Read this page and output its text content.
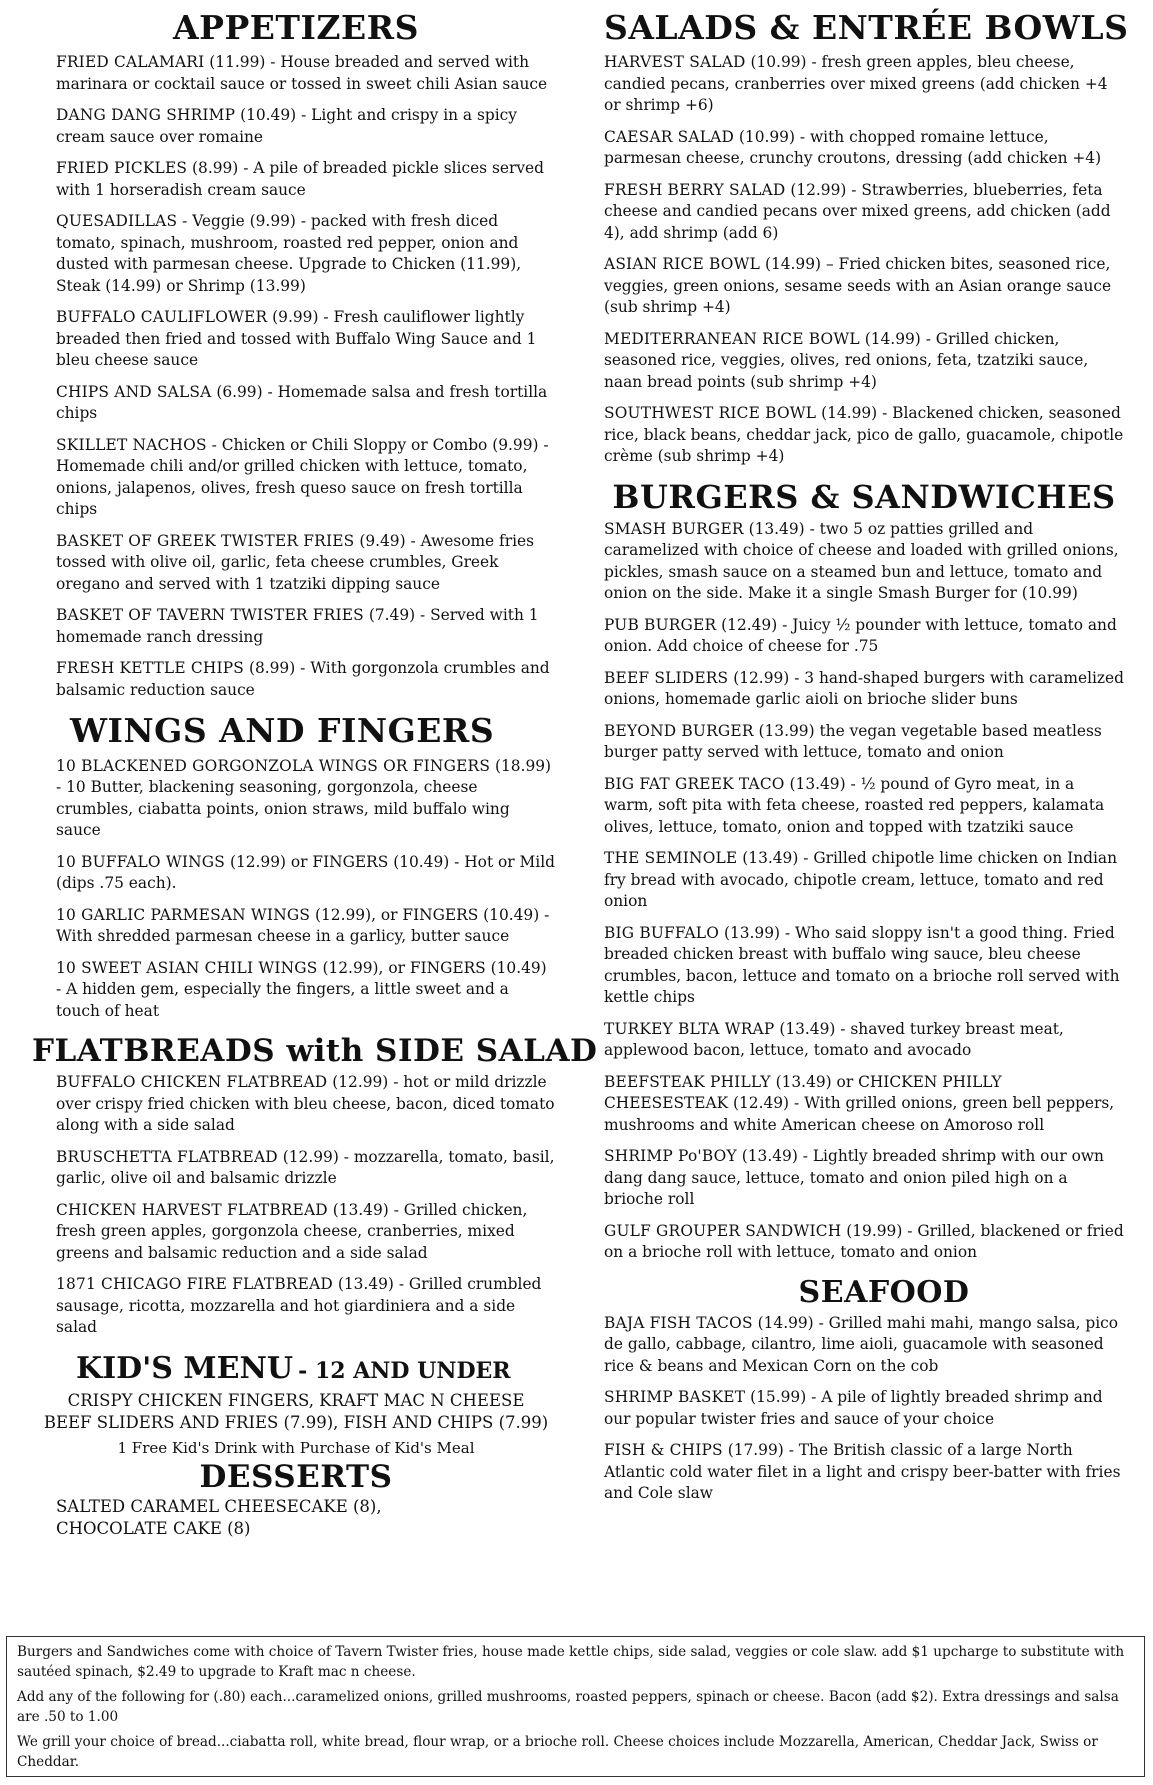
APPETIZERS

FRIED CALAMARI (11.99) - House breaded and served with marinara or cocktail sauce or tossed in sweet chili Asian sauce

DANG DANG SHRIMP (10.49) - Light and crispy in a spicy cream sauce over romaine

FRIED PICKLES (8.99) - A pile of breaded pickle slices served with 1 horseradish cream sauce

QUESADILLAS - Veggie (9.99) - packed with fresh diced tomato, spinach, mushroom, roasted red pepper, onion and dusted with parmesan cheese. Upgrade to Chicken (11.99), Steak (14.99) or Shrimp (13.99)

BUFFALO CAULIFLOWER (9.99) - Fresh cauliflower lightly breaded then fried and tossed with Buffalo Wing Sauce and 1 bleu cheese sauce

CHIPS AND SALSA (6.99) - Homemade salsa and fresh tortilla chips

SKILLET NACHOS - Chicken or Chili Sloppy or Combo (9.99) - Homemade chili and/or grilled chicken with lettuce, tomato, onions, jalapenos, olives, fresh queso sauce on fresh tortilla chips

BASKET OF GREEK TWISTER FRIES (9.49) - Awesome fries tossed with olive oil, garlic, feta cheese crumbles, Greek oregano and served with 1 tzatziki dipping sauce

BASKET OF TAVERN TWISTER FRIES (7.49) - Served with 1 homemade ranch dressing

FRESH KETTLE CHIPS (8.99) - With gorgonzola crumbles and balsamic reduction sauce

WINGS AND FINGERS

10 BLACKENED GORGONZOLA WINGS OR FINGERS (18.99) - 10 Butter, blackening seasoning, gorgonzola, cheese crumbles, ciabatta points, onion straws, mild buffalo wing sauce

10 BUFFALO WINGS (12.99) or FINGERS (10.49) - Hot or Mild (dips .75 each).

10 GARLIC PARMESAN WINGS (12.99), or FINGERS (10.49) - With shredded parmesan cheese in a garlicy, butter sauce

10 SWEET ASIAN CHILI WINGS (12.99), or FINGERS (10.49) - A hidden gem, especially the fingers, a little sweet and a touch of heat

FLATBREADS with SIDE SALAD

BUFFALO CHICKEN FLATBREAD (12.99) - hot or mild drizzle over crispy fried chicken with bleu cheese, bacon, diced tomato along with a side salad

BRUSCHETTA FLATBREAD (12.99) - mozzarella, tomato, basil, garlic, olive oil and balsamic drizzle

CHICKEN HARVEST FLATBREAD (13.49) - Grilled chicken, fresh green apples, gorgonzola cheese, cranberries, mixed greens and balsamic reduction and a side salad

1871 CHICAGO FIRE FLATBREAD (13.49) - Grilled crumbled sausage, ricotta, mozzarella and hot giardiniera and a side salad

KID'S MENU - 12 AND UNDER
CRISPY CHICKEN FINGERS, KRAFT MAC N CHEESE
BEEF SLIDERS AND FRIES (7.99), FISH AND CHIPS (7.99)
1 Free Kid's Drink with Purchase of Kid's Meal
DESSERTS
SALTED CARAMEL CHEESECAKE (8),
CHOCOLATE CAKE (8)
SALADS & ENTRÉE BOWLS

HARVEST SALAD (10.99) - fresh green apples, bleu cheese, candied pecans, cranberries over mixed greens (add chicken +4 or shrimp +6)

CAESAR SALAD (10.99) - with chopped romaine lettuce, parmesan cheese, crunchy croutons, dressing (add chicken +4)

FRESH BERRY SALAD (12.99) - Strawberries, blueberries, feta cheese and candied pecans over mixed greens, add chicken (add 4), add shrimp (add 6)

ASIAN RICE BOWL (14.99) – Fried chicken bites, seasoned rice, veggies, green onions, sesame seeds with an Asian orange sauce (sub shrimp +4)

MEDITERRANEAN RICE BOWL (14.99) - Grilled chicken, seasoned rice, veggies, olives, red onions, feta, tzatziki sauce, naan bread points (sub shrimp +4)

SOUTHWEST RICE BOWL (14.99) - Blackened chicken, seasoned rice, black beans, cheddar jack, pico de gallo, guacamole, chipotle crème (sub shrimp +4)

BURGERS & SANDWICHES

SMASH BURGER (13.49) - two 5 oz patties grilled and caramelized with choice of cheese and loaded with grilled onions, pickles, smash sauce on a steamed bun and lettuce, tomato and onion on the side. Make it a single Smash Burger for (10.99)

PUB BURGER (12.49) - Juicy ½ pounder with lettuce, tomato and onion. Add choice of cheese for .75

BEEF SLIDERS (12.99) - 3 hand-shaped burgers with caramelized onions, homemade garlic aioli on brioche slider buns

BEYOND BURGER (13.99) the vegan vegetable based meatless burger patty served with lettuce, tomato and onion

BIG FAT GREEK TACO (13.49) - ½ pound of Gyro meat, in a warm, soft pita with feta cheese, roasted red peppers, kalamata olives, lettuce, tomato, onion and topped with tzatziki sauce

THE SEMINOLE (13.49) - Grilled chipotle lime chicken on Indian fry bread with avocado, chipotle cream, lettuce, tomato and red onion

BIG BUFFALO (13.99) - Who said sloppy isn't a good thing. Fried breaded chicken breast with buffalo wing sauce, bleu cheese crumbles, bacon, lettuce and tomato on a brioche roll served with kettle chips

TURKEY BLTA WRAP (13.49) - shaved turkey breast meat, applewood bacon, lettuce, tomato and avocado

BEEFSTEAK PHILLY (13.49) or CHICKEN PHILLY CHEESESTEAK (12.49) - With grilled onions, green bell peppers, mushrooms and white American cheese on Amoroso roll

SHRIMP Po'BOY (13.49) - Lightly breaded shrimp with our own dang dang sauce, lettuce, tomato and onion piled high on a brioche roll

GULF GROUPER SANDWICH (19.99) - Grilled, blackened or fried on a brioche roll with lettuce, tomato and onion

SEAFOOD

BAJA FISH TACOS (14.99) - Grilled mahi mahi, mango salsa, pico de gallo, cabbage, cilantro, lime aioli, guacamole with seasoned rice & beans and Mexican Corn on the cob

SHRIMP BASKET (15.99) - A pile of lightly breaded shrimp and our popular twister fries and sauce of your choice

FISH & CHIPS (17.99) - The British classic of a large North Atlantic cold water filet in a light and crispy beer-batter with fries and Cole slaw

Burgers and Sandwiches come with choice of Tavern Twister fries, house made kettle chips, side salad, veggies or cole slaw. add $1 upcharge to substitute with sautéed spinach, $2.49 to upgrade to Kraft mac n cheese.

Add any of the following for (.80) each...caramelized onions, grilled mushrooms, roasted peppers, spinach or cheese. Bacon (add $2). Extra dressings and salsa are .50 to 1.00

We grill your choice of bread...ciabatta roll, white bread, flour wrap, or a brioche roll. Cheese choices include Mozzarella, American, Cheddar Jack, Swiss or Cheddar.
